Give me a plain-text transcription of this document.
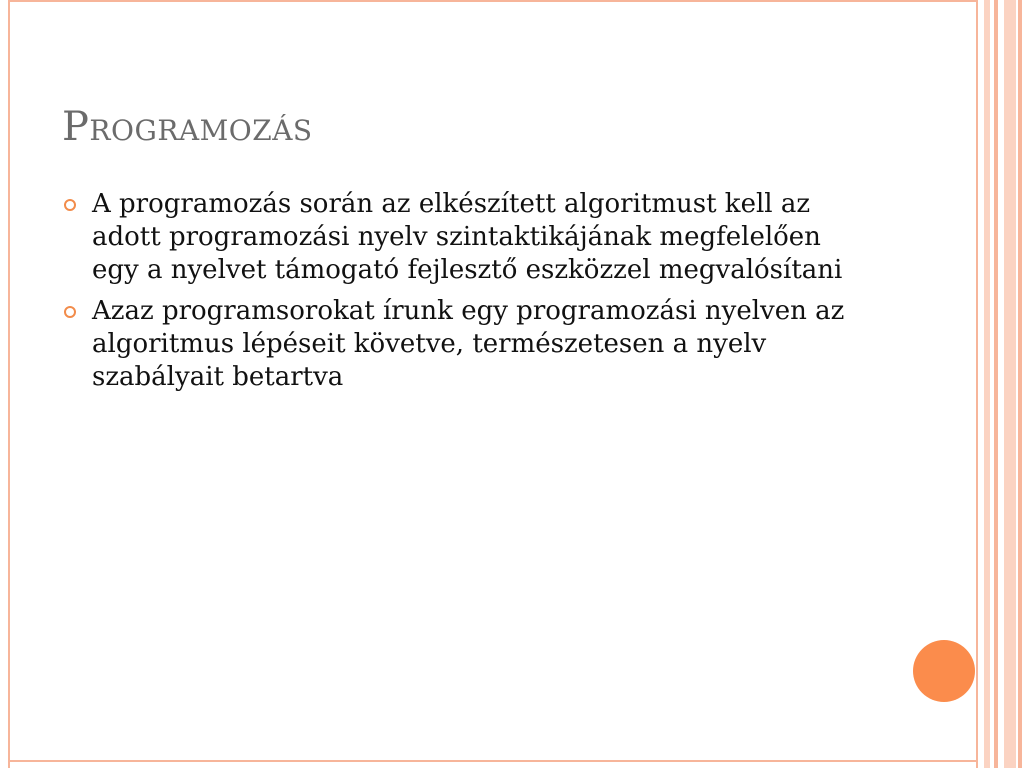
Programozás
A programozás során az elkészített algoritmust kell az adott programozási nyelv szintaktikájának megfelelően egy a nyelvet támogató fejlesztő eszközzel megvalósítani
Azaz programsorokat írunk egy programozási nyelven az algoritmus lépéseit követve, természetesen a nyelv szabályait betartva
